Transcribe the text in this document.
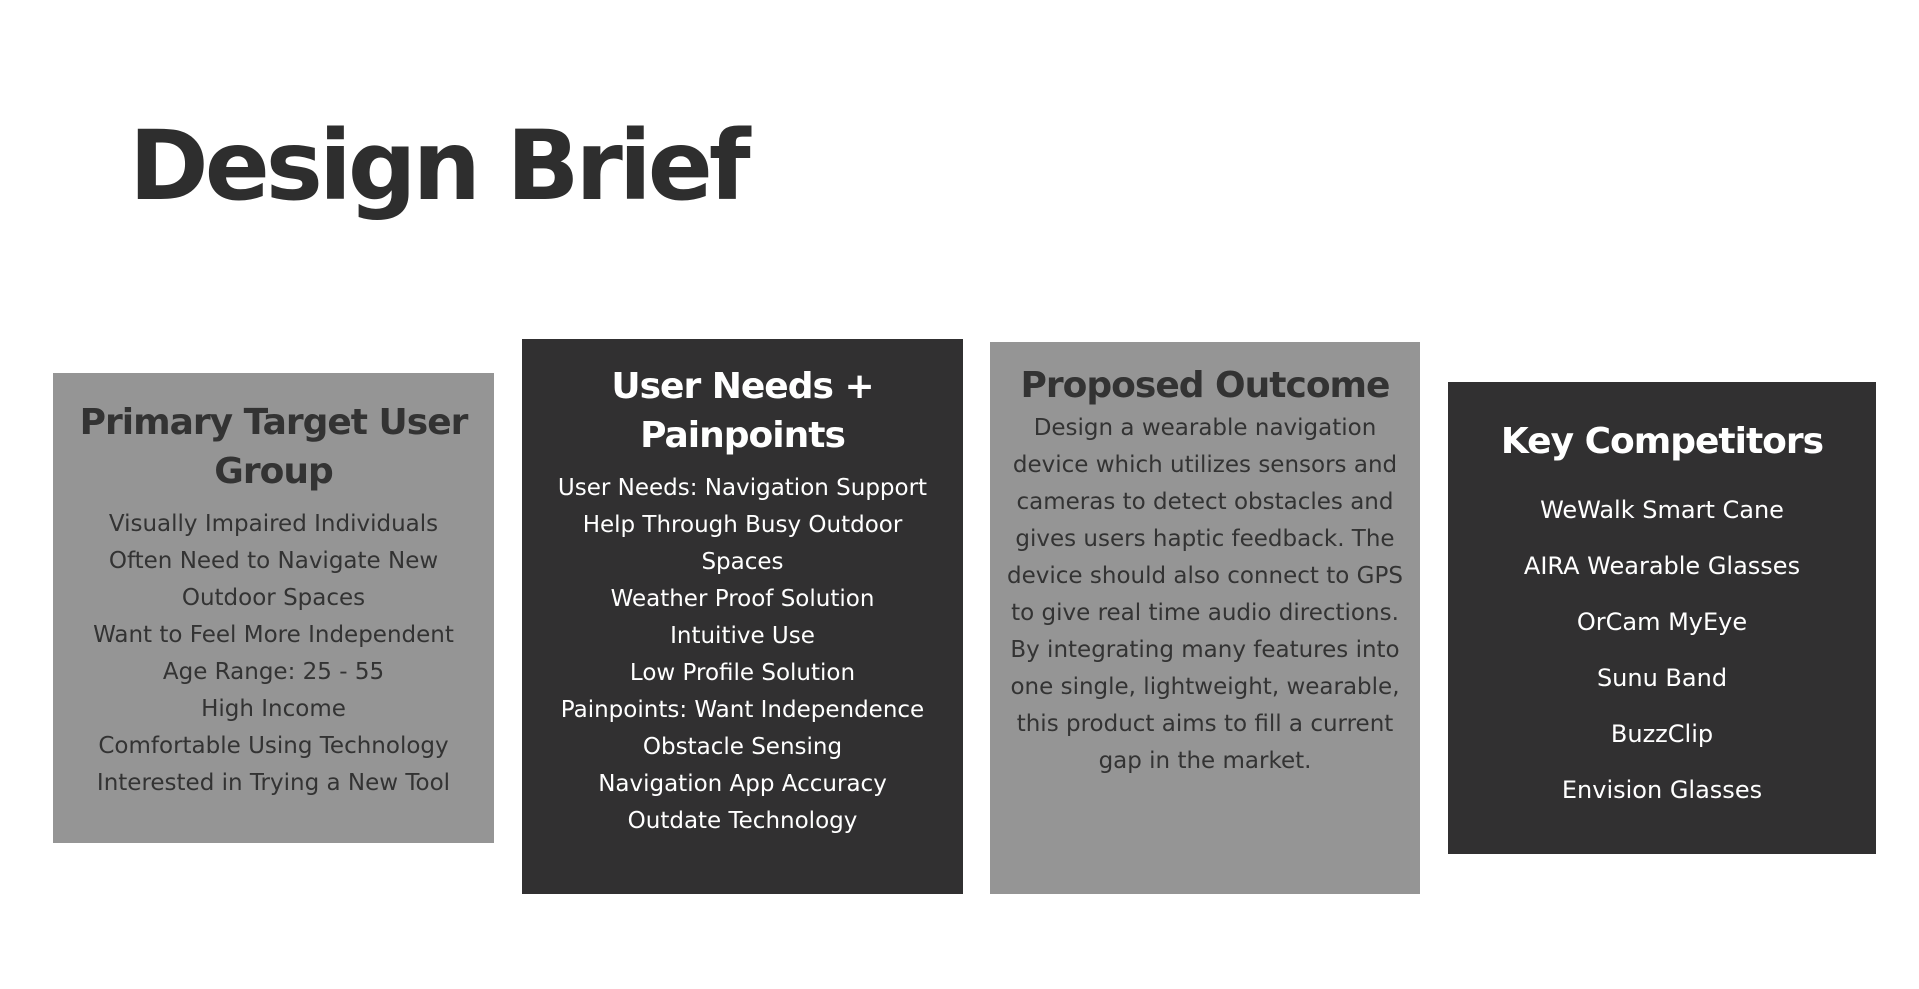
Design Brief
Primary Target User Group
Visually Impaired Individuals
Often Need to Navigate New
Outdoor Spaces
Want to Feel More Independent
Age Range: 25 - 55
High Income
Comfortable Using Technology
Interested in Trying a New Tool
User Needs + Painpoints
User Needs: Navigation Support
Help Through Busy Outdoor
Spaces
Weather Proof Solution
Intuitive Use
Low Profile Solution
Painpoints: Want Independence
Obstacle Sensing
Navigation App Accuracy
Outdate Technology
Proposed Outcome

Design a wearable navigation device which utilizes sensors and cameras to detect obstacles and gives users haptic feedback. The device should also connect to GPS to give real time audio directions. By integrating many features into one single, lightweight, wearable, this product aims to fill a current gap in the market.

Key Competitors
WeWalk Smart Cane
AIRA Wearable Glasses
OrCam MyEye
Sunu Band
BuzzClip
Envision Glasses
